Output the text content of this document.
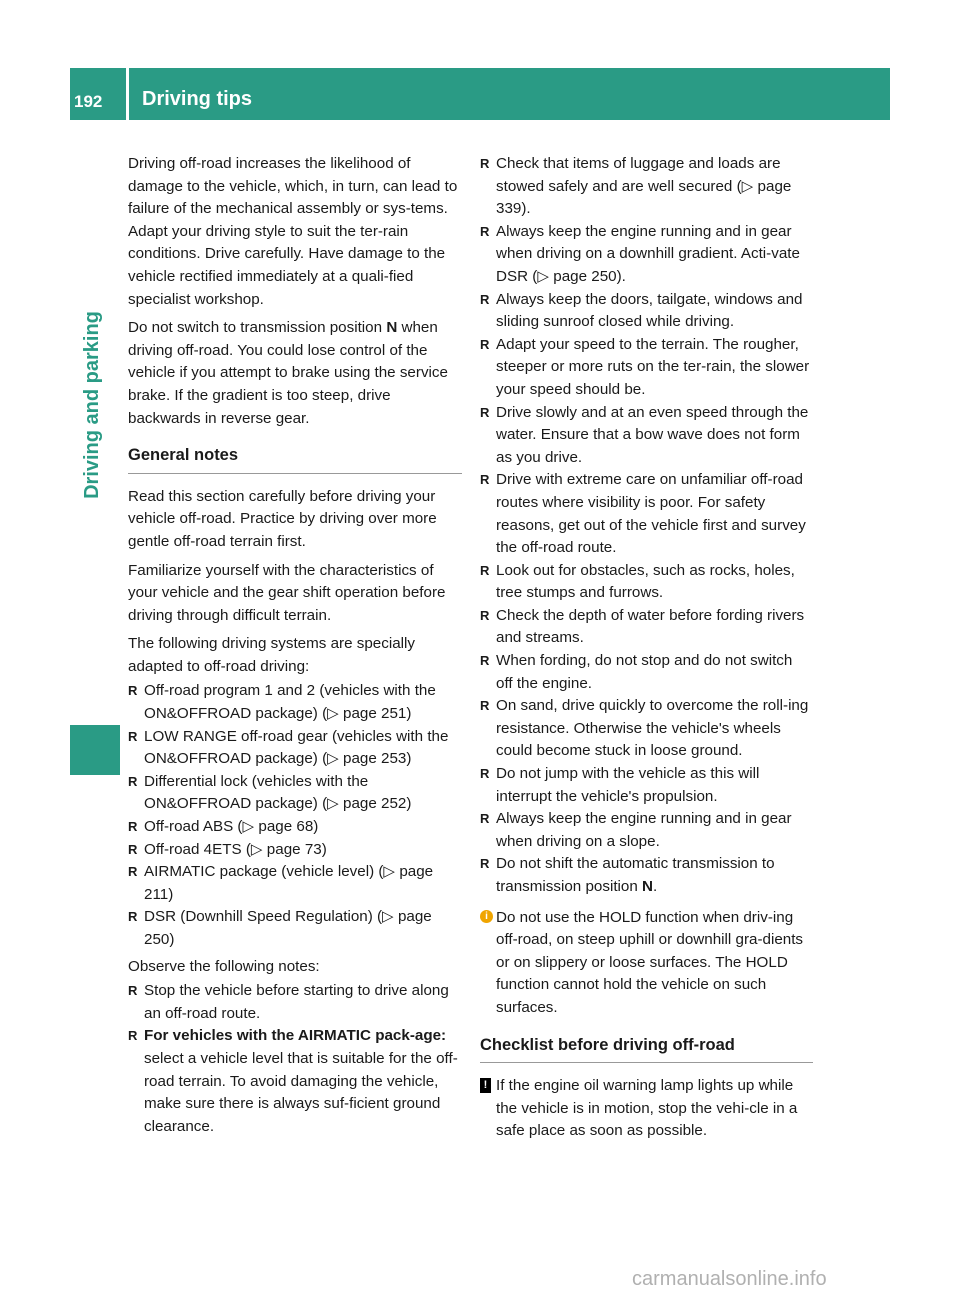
192	Driving tips
Driving and parking

Driving off-road increases the likelihood of damage to the vehicle, which, in turn, can lead to failure of the mechanical assembly or sys-tems. Adapt your driving style to suit the ter-rain conditions. Drive carefully. Have damage to the vehicle rectified immediately at a quali-fied specialist workshop.

Do not switch to transmission position N when driving off-road. You could lose control of the vehicle if you attempt to brake using the service brake. If the gradient is too steep, drive backwards in reverse gear.

General notes

Read this section carefully before driving your vehicle off-road. Practice by driving over more gentle off-road terrain first.

Familiarize yourself with the characteristics of your vehicle and the gear shift operation before driving through difficult terrain.

The following driving systems are specially adapted to off-road driving:

R Off-road program 1 and 2 (vehicles with the ON&OFFROAD package) (▷ page 251)
R LOW RANGE off-road gear (vehicles with the ON&OFFROAD package) (▷ page 253)
R Differential lock (vehicles with the ON&OFFROAD package) (▷ page 252)
R Off-road ABS (▷ page 68)
R Off-road 4ETS (▷ page 73)
R AIRMATIC package (vehicle level) (▷ page 211)
R DSR (Downhill Speed Regulation) (▷ page 250)

Observe the following notes:

R Stop the vehicle before starting to drive along an off-road route.
R For vehicles with the AIRMATIC pack-age: select a vehicle level that is suitable for the off-road terrain. To avoid damaging the vehicle, make sure there is always suf-ficient ground clearance.
R Check that items of luggage and loads are stowed safely and are well secured (▷ page 339).
R Always keep the engine running and in gear when driving on a downhill gradient. Acti-vate DSR (▷ page 250).
R Always keep the doors, tailgate, windows and sliding sunroof closed while driving.
R Adapt your speed to the terrain. The rougher, steeper or more ruts on the ter-rain, the slower your speed should be.
R Drive slowly and at an even speed through the water. Ensure that a bow wave does not form as you drive.
R Drive with extreme care on unfamiliar off-road routes where visibility is poor. For safety reasons, get out of the vehicle first and survey the off-road route.
R Look out for obstacles, such as rocks, holes, tree stumps and furrows.
R Check the depth of water before fording rivers and streams.
R When fording, do not stop and do not switch off the engine.
R On sand, drive quickly to overcome the roll-ing resistance. Otherwise the vehicle's wheels could become stuck in loose ground.
R Do not jump with the vehicle as this will interrupt the vehicle's propulsion.
R Always keep the engine running and in gear when driving on a slope.
R Do not shift the automatic transmission to transmission position N.
i Do not use the HOLD function when driv-ing off-road, on steep uphill or downhill gra-dients or on slippery or loose surfaces. The HOLD function cannot hold the vehicle on such surfaces.
Checklist before driving off-road
! If the engine oil warning lamp lights up while the vehicle is in motion, stop the vehi-cle in a safe place as soon as possible.
carmanualsonline.info
